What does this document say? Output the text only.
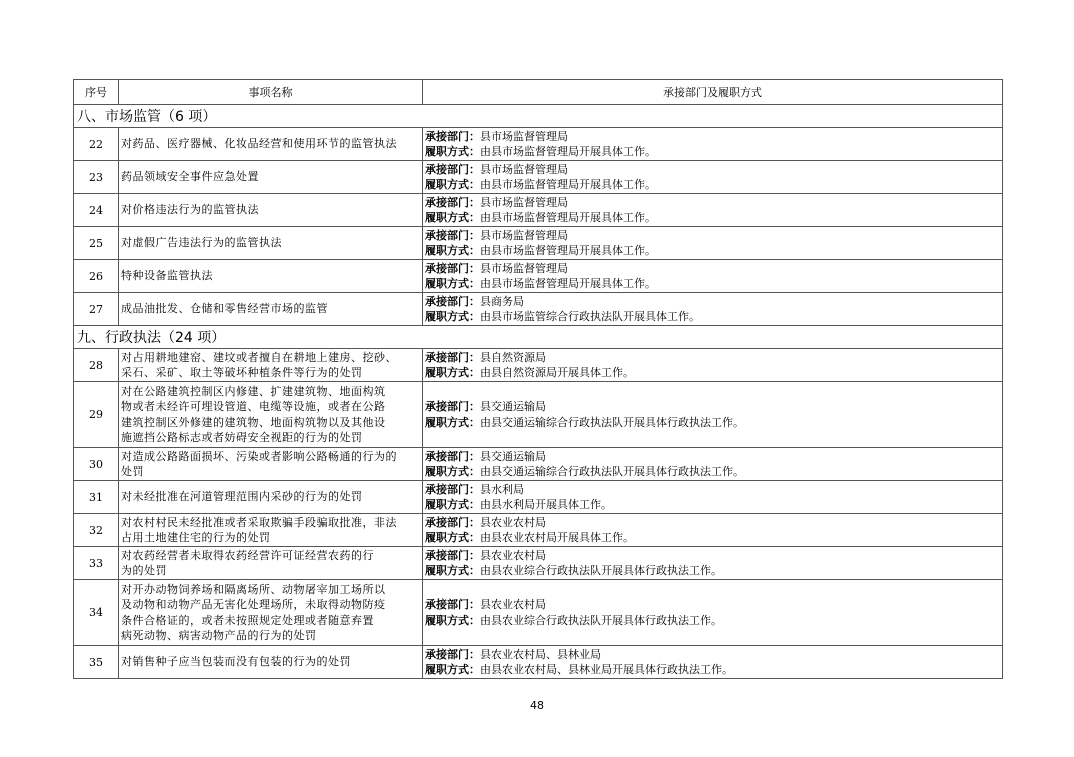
序号	事项名称	承接部门及履职方式
八、市场监管（6 项）		
22	对药品、医疗器械、化妆品经营和使用环节的监管执法	承接部门：县市场监督管理局
履职方式：由县市场监督管理局开展具体工作。

23	药品领域安全事件应急处置	承接部门：县市场监督管理局
履职方式：由县市场监督管理局开展具体工作。

24	对价格违法行为的监管执法	承接部门：县市场监督管理局
履职方式：由县市场监督管理局开展具体工作。

25	对虚假广告违法行为的监管执法	承接部门：县市场监督管理局
履职方式：由县市场监督管理局开展具体工作。

26	特种设备监管执法	承接部门：县市场监督管理局
履职方式：由县市场监督管理局开展具体工作。

27	成品油批发、仓储和零售经营市场的监管	承接部门：县商务局
履职方式：由县市场监管综合行政执法队开展具体工作。

九、行政执法（24 项）		
28	对占用耕地建窑、建坟或者擅自在耕地上建房、挖砂、
采石、采矿、取土等破坏种植条件等行为的处罚	承接部门：县自然资源局
履职方式：由县自然资源局开展具体工作。

29	对在公路建筑控制区内修建、扩建建筑物、地面构筑
物或者未经许可埋设管道、电缆等设施，或者在公路
建筑控制区外修建的建筑物、地面构筑物以及其他设
施遮挡公路标志或者妨碍安全视距的行为的处罚	承接部门：县交通运输局
履职方式：由县交通运输综合行政执法队开展具体行政执法工作。

30	对造成公路路面损坏、污染或者影响公路畅通的行为的
处罚	承接部门：县交通运输局
履职方式：由县交通运输综合行政执法队开展具体行政执法工作。

31	对未经批准在河道管理范围内采砂的行为的处罚	承接部门：县水利局
履职方式：由县水利局开展具体工作。

32	对农村村民未经批准或者采取欺骗手段骗取批准，非法
占用土地建住宅的行为的处罚	承接部门：县农业农村局
履职方式：由县农业农村局开展具体工作。

33	对农药经营者未取得农药经营许可证经营农药的行
为的处罚	承接部门：县农业农村局
履职方式：由县农业综合行政执法队开展具体行政执法工作。

34	对开办动物饲养场和隔离场所、动物屠宰加工场所以
及动物和动物产品无害化处理场所，未取得动物防疫
条件合格证的，或者未按照规定处理或者随意弃置
病死动物、病害动物产品的行为的处罚	承接部门：县农业农村局
履职方式：由县农业综合行政执法队开展具体行政执法工作。

35	对销售种子应当包装而没有包装的行为的处罚	承接部门：县农业农村局、县林业局
履职方式：由县农业农村局、县林业局开展具体行政执法工作。
48
